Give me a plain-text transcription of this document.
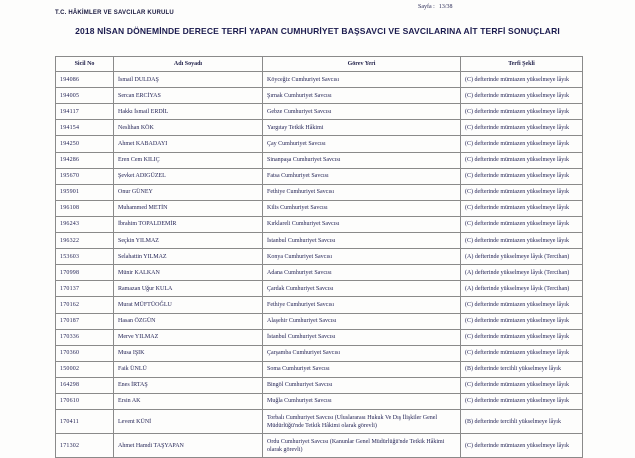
T.C. HÂKİMLER VE SAVCILAR KURULU
Sayfa : 13/38
2018 NİSAN DÖNEMİNDE DERECE TERFİ YAPAN CUMHURİYET BAŞSAVCI VE SAVCILARINA AİT TERFİ SONUÇLARI
Sicil No	Adı Soyadı	Görev Yeri	Terfi Şekli
194086	İsmail DULDAŞ	Köyceğiz Cumhuriyet Savcısı	(C) defterinde mümtazen yükselmeye lâyık
194005	Sercan ERCİYAS	Şırnak Cumhuriyet Savcısı	(C) defterinde mümtazen yükselmeye lâyık
194117	Hakkı İsmail ERDİL	Gebze Cumhuriyet Savcısı	(C) defterinde mümtazen yükselmeye lâyık
194154	Neslihan KÖK	Yargıtay Tetkik Hâkimi	(C) defterinde mümtazen yükselmeye lâyık
194250	Ahmet KABADAYI	Çay Cumhuriyet Savcısı	(C) defterinde mümtazen yükselmeye lâyık
194286	Eren Cem KILIÇ	Sinanpaşa Cumhuriyet Savcısı	(C) defterinde mümtazen yükselmeye lâyık
195670	Şevket ADIGÜZEL	Fatsa Cumhuriyet Savcısı	(C) defterinde mümtazen yükselmeye lâyık
195901	Onur GÜNEY	Fethiye Cumhuriyet Savcısı	(C) defterinde mümtazen yükselmeye lâyık
196108	Muhammed METİN	Kilis Cumhuriyet Savcısı	(C) defterinde mümtazen yükselmeye lâyık
196243	İbrahim TOPALDEMİR	Kırklareli Cumhuriyet Savcısı	(C) defterinde mümtazen yükselmeye lâyık
196322	Seçkin YILMAZ	İstanbul Cumhuriyet Savcısı	(C) defterinde mümtazen yükselmeye lâyık
153603	Selahattin YILMAZ	Konya Cumhuriyet Savcısı	(A) defterinde yükselmeye lâyık (Tercihan)
170998	Münir KALKAN	Adana Cumhuriyet Savcısı	(A) defterinde yükselmeye lâyık (Tercihan)
170137	Ramazan Uğur KULA	Çardak Cumhuriyet Savcısı	(A) defterinde yükselmeye lâyık (Tercihan)
170162	Murat MÜFTÜOĞLU	Fethiye Cumhuriyet Savcısı	(C) defterinde mümtazen yükselmeye lâyık
170187	Hasan ÖZGÜN	Alaşehir Cumhuriyet Savcısı	(C) defterinde mümtazen yükselmeye lâyık
170336	Merve YILMAZ	İstanbul Cumhuriyet Savcısı	(C) defterinde mümtazen yükselmeye lâyık
170360	Musa IŞIK	Çarşamba Cumhuriyet Savcısı	(C) defterinde mümtazen yükselmeye lâyık
150002	Faik ÜNLÜ	Soma Cumhuriyet Savcısı	(B) defterinde tercihli yükselmeye lâyık
164298	Enes İRTAŞ	Bingöl Cumhuriyet Savcısı	(C) defterinde mümtazen yükselmeye lâyık
170610	Ersin AK	Muğla Cumhuriyet Savcısı	(C) defterinde mümtazen yükselmeye lâyık
170411	Levent KÜNİ	Torbalı Cumhuriyet Savcısı (Uluslararası Hukuk Ve Dış İlişkiler Genel Müdürlüğü'nde Tetkik Hâkimi olarak görevli)	(B) defterinde tercihli yükselmeye lâyık
171302	Ahmet Hamdi TAŞYAPAN	Ordu Cumhuriyet Savcısı (Kanunlar Genel Müdürlüğü'nde Tetkik Hâkimi olarak görevli)	(C) defterinde mümtazen yükselmeye lâyık
